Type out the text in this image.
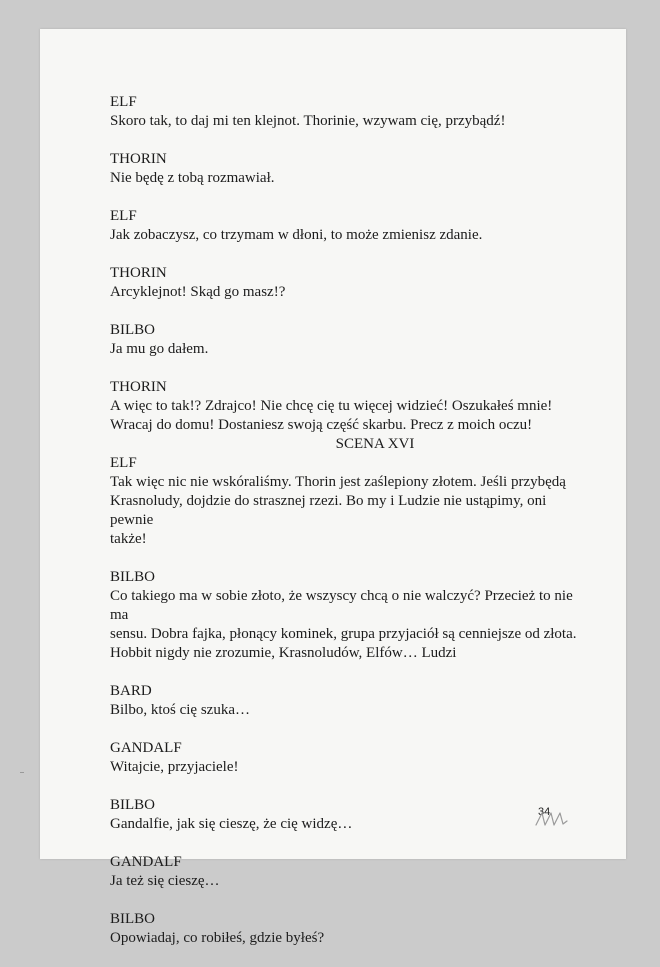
ELF
Skoro tak, to daj mi ten klejnot. Thorinie, wzywam cię, przybądź!
THORIN
Nie będę z tobą rozmawiał.
ELF
Jak zobaczysz, co trzymam w dłoni, to może zmienisz zdanie.
THORIN
Arcyklejnot! Skąd go masz!?
BILBO
Ja mu go dałem.
THORIN
A więc to tak!? Zdrajco! Nie chcę cię tu więcej widzieć! Oszukałeś mnie!
Wracaj do domu! Dostaniesz swoją część skarbu. Precz z moich oczu!
SCENA XVI
ELF
Tak więc nic nie wskóraliśmy. Thorin jest zaślepiony złotem. Jeśli przybędą
Krasnoludy, dojdzie do strasznej rzezi. Bo my i Ludzie nie ustąpimy, oni pewnie
także!
BILBO
Co takiego ma w sobie złoto, że wszyscy chcą o nie walczyć? Przecież to nie ma
sensu. Dobra fajka, płonący kominek, grupa przyjaciół są cenniejsze od złota.
Hobbit nigdy nie zrozumie, Krasnoludów, Elfów… Ludzi
BARD
Bilbo, ktoś cię szuka…
GANDALF
Witajcie, przyjaciele!
BILBO
Gandalfie, jak się cieszę, że cię widzę…
GANDALF
Ja też się cieszę…
BILBO
Opowiadaj, co robiłeś, gdzie byłeś?
34
